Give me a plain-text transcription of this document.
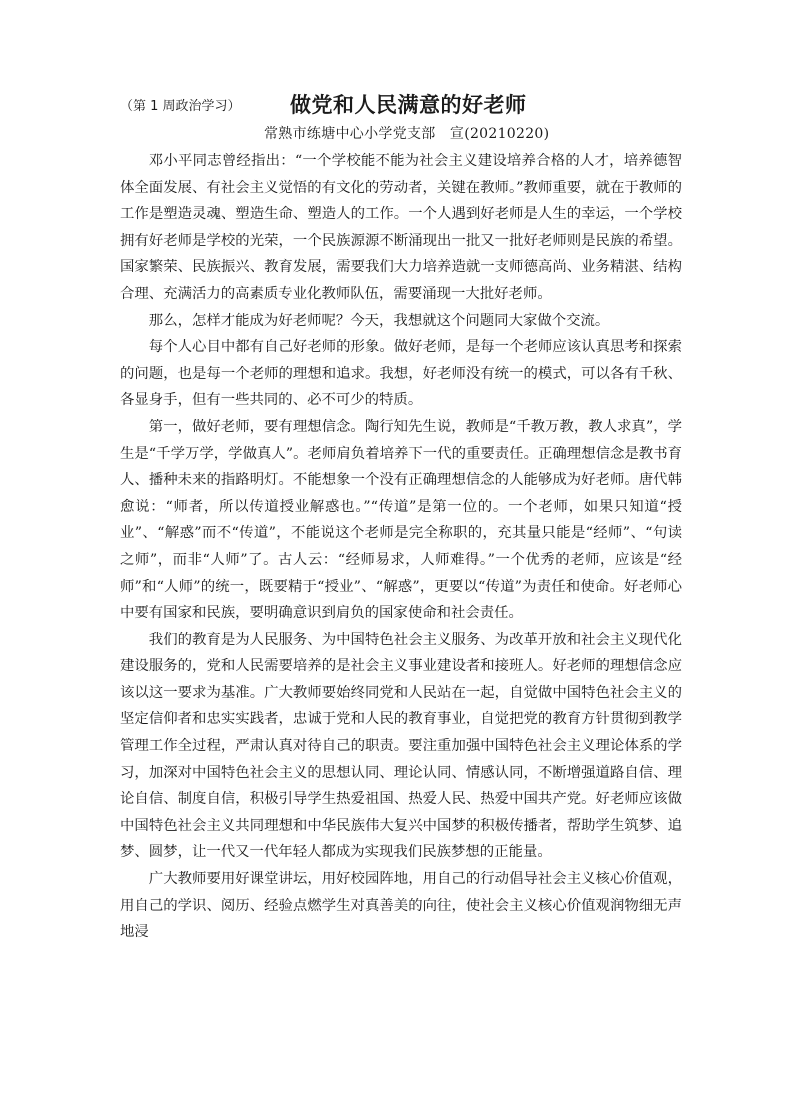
（第 1 周政治学习） 做党和人民满意的好老师
常熟市练塘中心小学党支部　宣(20210220)

邓小平同志曾经指出：“一个学校能不能为社会主义建设培养合格的人才，培养德智体全面发展、有社会主义觉悟的有文化的劳动者，关键在教师。”教师重要，就在于教师的工作是塑造灵魂、塑造生命、塑造人的工作。一个人遇到好老师是人生的幸运，一个学校拥有好老师是学校的光荣，一个民族源源不断涌现出一批又一批好老师则是民族的希望。国家繁荣、民族振兴、教育发展，需要我们大力培养造就一支师德高尚、业务精湛、结构合理、充满活力的高素质专业化教师队伍，需要涌现一大批好老师。

那么，怎样才能成为好老师呢？今天，我想就这个问题同大家做个交流。

每个人心目中都有自己好老师的形象。做好老师，是每一个老师应该认真思考和探索的问题，也是每一个老师的理想和追求。我想，好老师没有统一的模式，可以各有千秋、各显身手，但有一些共同的、必不可少的特质。

第一，做好老师，要有理想信念。陶行知先生说，教师是“千教万教，教人求真”，学生是“千学万学，学做真人”。老师肩负着培养下一代的重要责任。正确理想信念是教书育人、播种未来的指路明灯。不能想象一个没有正确理想信念的人能够成为好老师。唐代韩愈说：“师者，所以传道授业解惑也。”“传道”是第一位的。一个老师，如果只知道“授业”、“解惑”而不“传道”，不能说这个老师是完全称职的，充其量只能是“经师”、“句读之师”，而非“人师”了。古人云：“经师易求，人师难得。”一个优秀的老师，应该是“经师”和“人师”的统一，既要精于“授业”、“解惑”，更要以“传道”为责任和使命。好老师心中要有国家和民族，要明确意识到肩负的国家使命和社会责任。

我们的教育是为人民服务、为中国特色社会主义服务、为改革开放和社会主义现代化建设服务的，党和人民需要培养的是社会主义事业建设者和接班人。好老师的理想信念应该以这一要求为基准。广大教师要始终同党和人民站在一起，自觉做中国特色社会主义的坚定信仰者和忠实实践者，忠诚于党和人民的教育事业，自觉把党的教育方针贯彻到教学管理工作全过程，严肃认真对待自己的职责。要注重加强中国特色社会主义理论体系的学习，加深对中国特色社会主义的思想认同、理论认同、情感认同，不断增强道路自信、理论自信、制度自信，积极引导学生热爱祖国、热爱人民、热爱中国共产党。好老师应该做中国特色社会主义共同理想和中华民族伟大复兴中国梦的积极传播者，帮助学生筑梦、追梦、圆梦，让一代又一代年轻人都成为实现我们民族梦想的正能量。

广大教师要用好课堂讲坛，用好校园阵地，用自己的行动倡导社会主义核心价值观，用自己的学识、阅历、经验点燃学生对真善美的向往，使社会主义核心价值观润物细无声地浸
